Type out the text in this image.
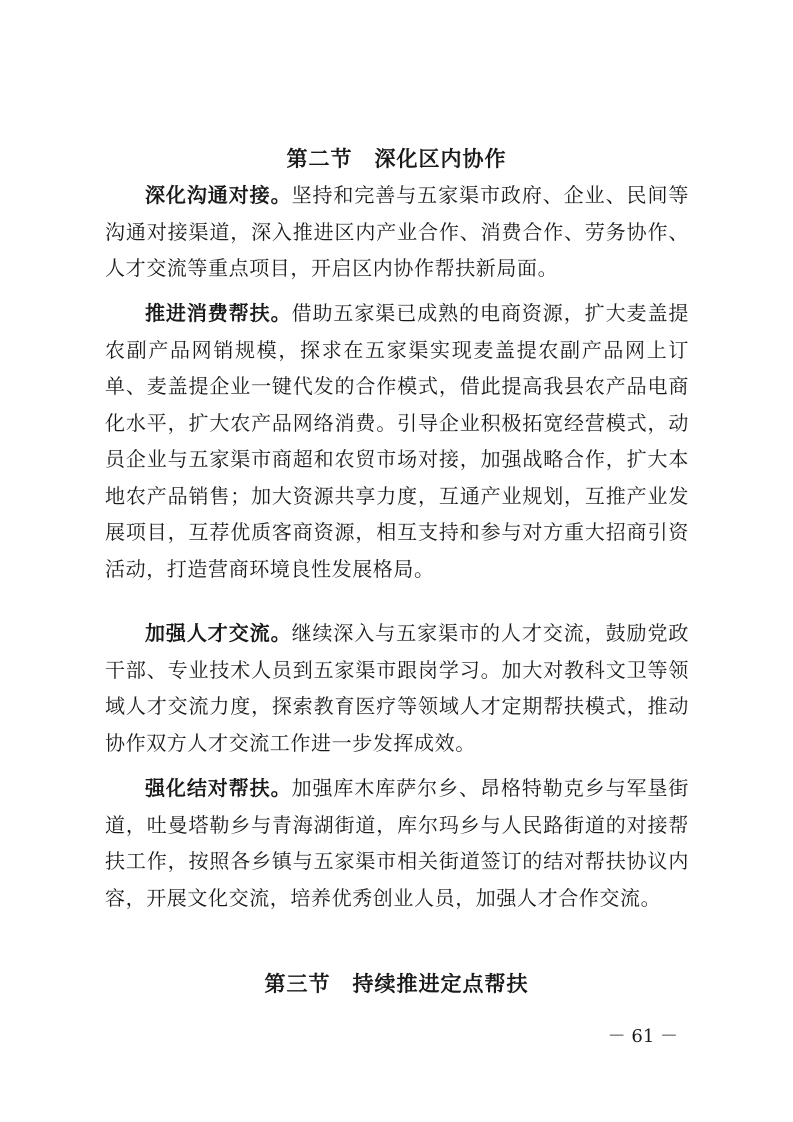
第二节　深化区内协作

深化沟通对接。坚持和完善与五家渠市政府、企业、民间等沟通对接渠道，深入推进区内产业合作、消费合作、劳务协作、人才交流等重点项目，开启区内协作帮扶新局面。

推进消费帮扶。借助五家渠已成熟的电商资源，扩大麦盖提农副产品网销规模，探求在五家渠实现麦盖提农副产品网上订单、麦盖提企业一键代发的合作模式，借此提高我县农产品电商化水平，扩大农产品网络消费。引导企业积极拓宽经营模式，动员企业与五家渠市商超和农贸市场对接，加强战略合作，扩大本地农产品销售；加大资源共享力度，互通产业规划，互推产业发展项目，互荐优质客商资源，相互支持和参与对方重大招商引资活动，打造营商环境良性发展格局。

加强人才交流。继续深入与五家渠市的人才交流，鼓励党政干部、专业技术人员到五家渠市跟岗学习。加大对教科文卫等领域人才交流力度，探索教育医疗等领域人才定期帮扶模式，推动协作双方人才交流工作进一步发挥成效。

强化结对帮扶。加强库木库萨尔乡、昂格特勒克乡与军垦街道，吐曼塔勒乡与青海湖街道，库尔玛乡与人民路街道的对接帮扶工作，按照各乡镇与五家渠市相关街道签订的结对帮扶协议内容，开展文化交流，培养优秀创业人员，加强人才合作交流。

第三节　持续推进定点帮扶

－ 61 －
